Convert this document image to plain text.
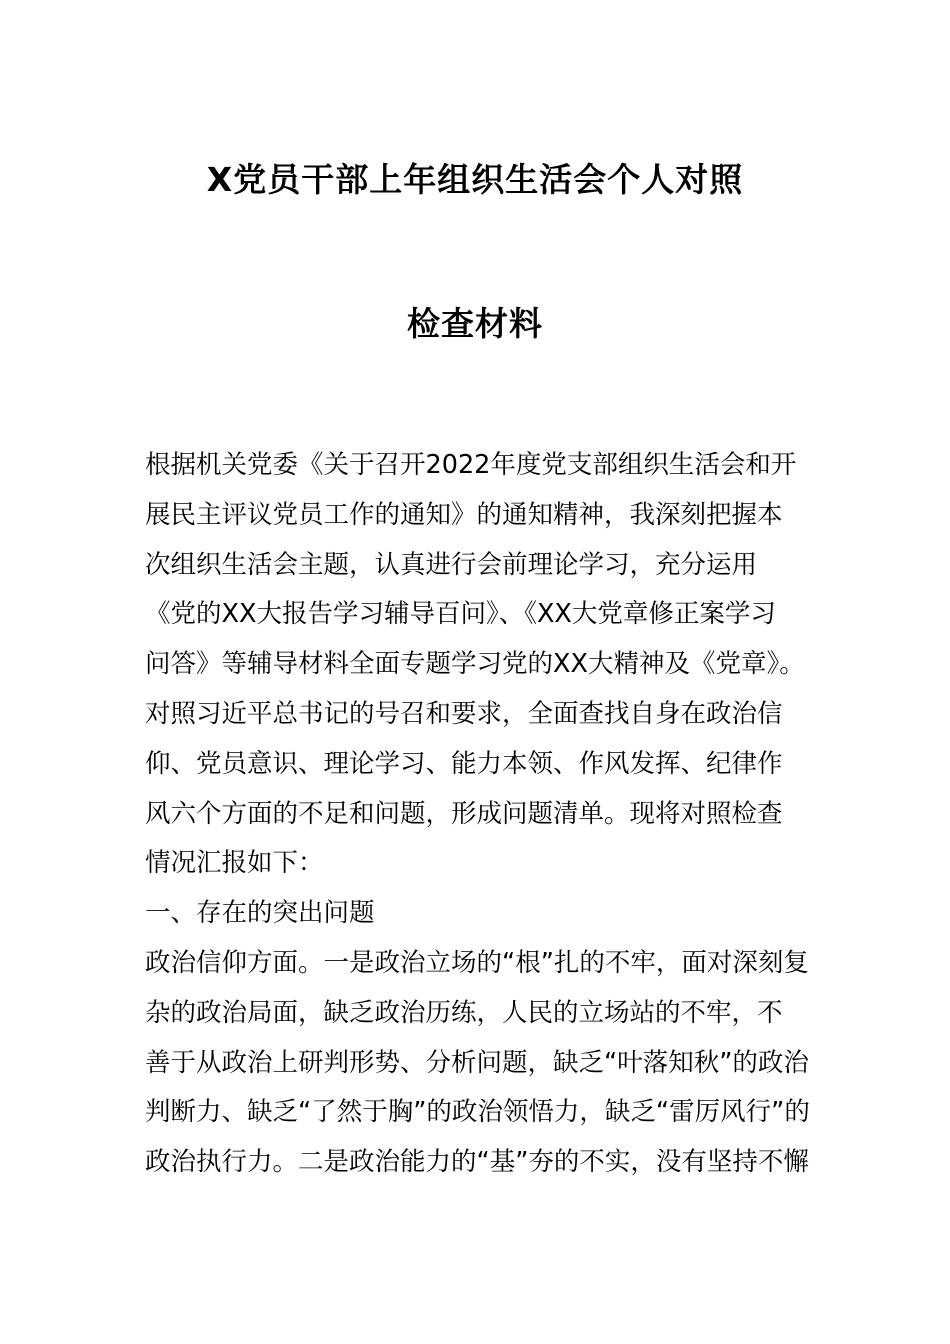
X党员干部上年组织生活会个人对照
检查材料

根据机关党委《关于召开2022年度党支部组织生活会和开

展民主评议党员工作的通知》的通知精神，我深刻把握本

次组织生活会主题，认真进行会前理论学习，充分运用

《党的XX大报告学习辅导百问》、《XX大党章修正案学习

问答》等辅导材料全面专题学习党的XX大精神及《党章》。

对照习近平总书记的号召和要求，全面查找自身在政治信

仰、党员意识、理论学习、能力本领、作风发挥、纪律作

风六个方面的不足和问题，形成问题清单。现将对照检查

情况汇报如下：

一、存在的突出问题

政治信仰方面。一是政治立场的“根”扎的不牢，面对深刻复

杂的政治局面，缺乏政治历练，人民的立场站的不牢，不

善于从政治上研判形势、分析问题，缺乏“叶落知秋”的政治

判断力、缺乏“了然于胸”的政治领悟力，缺乏“雷厉风行”的

政治执行力。二是政治能力的“基”夯的不实，没有坚持不懈
